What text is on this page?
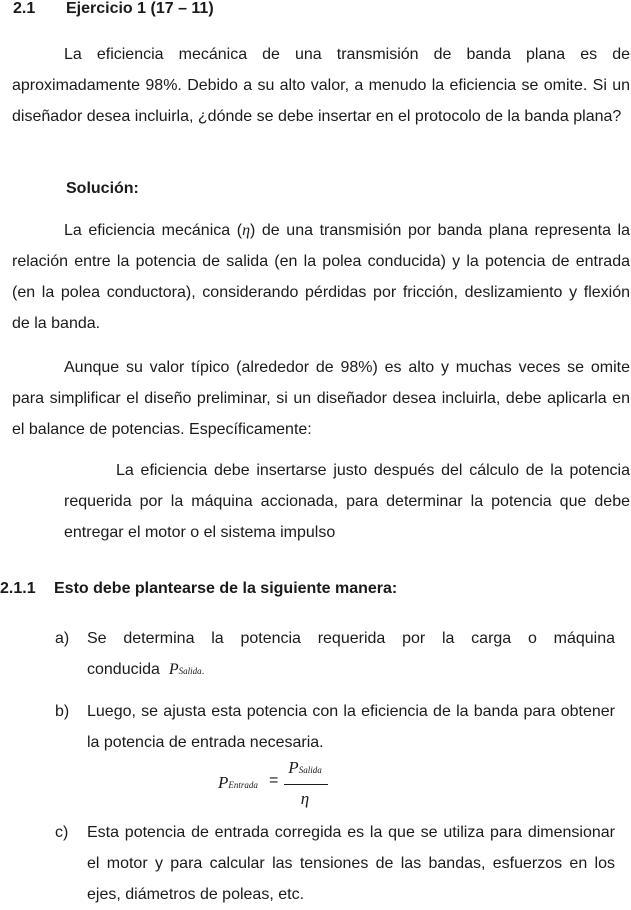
2.1 Ejercicio 1 (17 – 11)
La eficiencia mecánica de una transmisión de banda plana es de aproximadamente 98%. Debido a su alto valor, a menudo la eficiencia se omite. Si un diseñador desea incluirla, ¿dónde se debe insertar en el protocolo de la banda plana?
Solución:
La eficiencia mecánica (η) de una transmisión por banda plana representa la relación entre la potencia de salida (en la polea conducida) y la potencia de entrada (en la polea conductora), considerando pérdidas por fricción, deslizamiento y flexión de la banda.
Aunque su valor típico (alrededor de 98%) es alto y muchas veces se omite para simplificar el diseño preliminar, si un diseñador desea incluirla, debe aplicarla en el balance de potencias. Específicamente:
La eficiencia debe insertarse justo después del cálculo de la potencia requerida por la máquina accionada, para determinar la potencia que debe entregar el motor o el sistema impulso
2.1.1 Esto debe plantearse de la siguiente manera:
a) Se determina la potencia requerida por la carga o máquina conducida PSalida.
b) Luego, se ajusta esta potencia con la eficiencia de la banda para obtener la potencia de entrada necesaria.
PEntrada =
PSalida
η
c) Esta potencia de entrada corregida es la que se utiliza para dimensionar el motor y para calcular las tensiones de las bandas, esfuerzos en los ejes, diámetros de poleas, etc.
